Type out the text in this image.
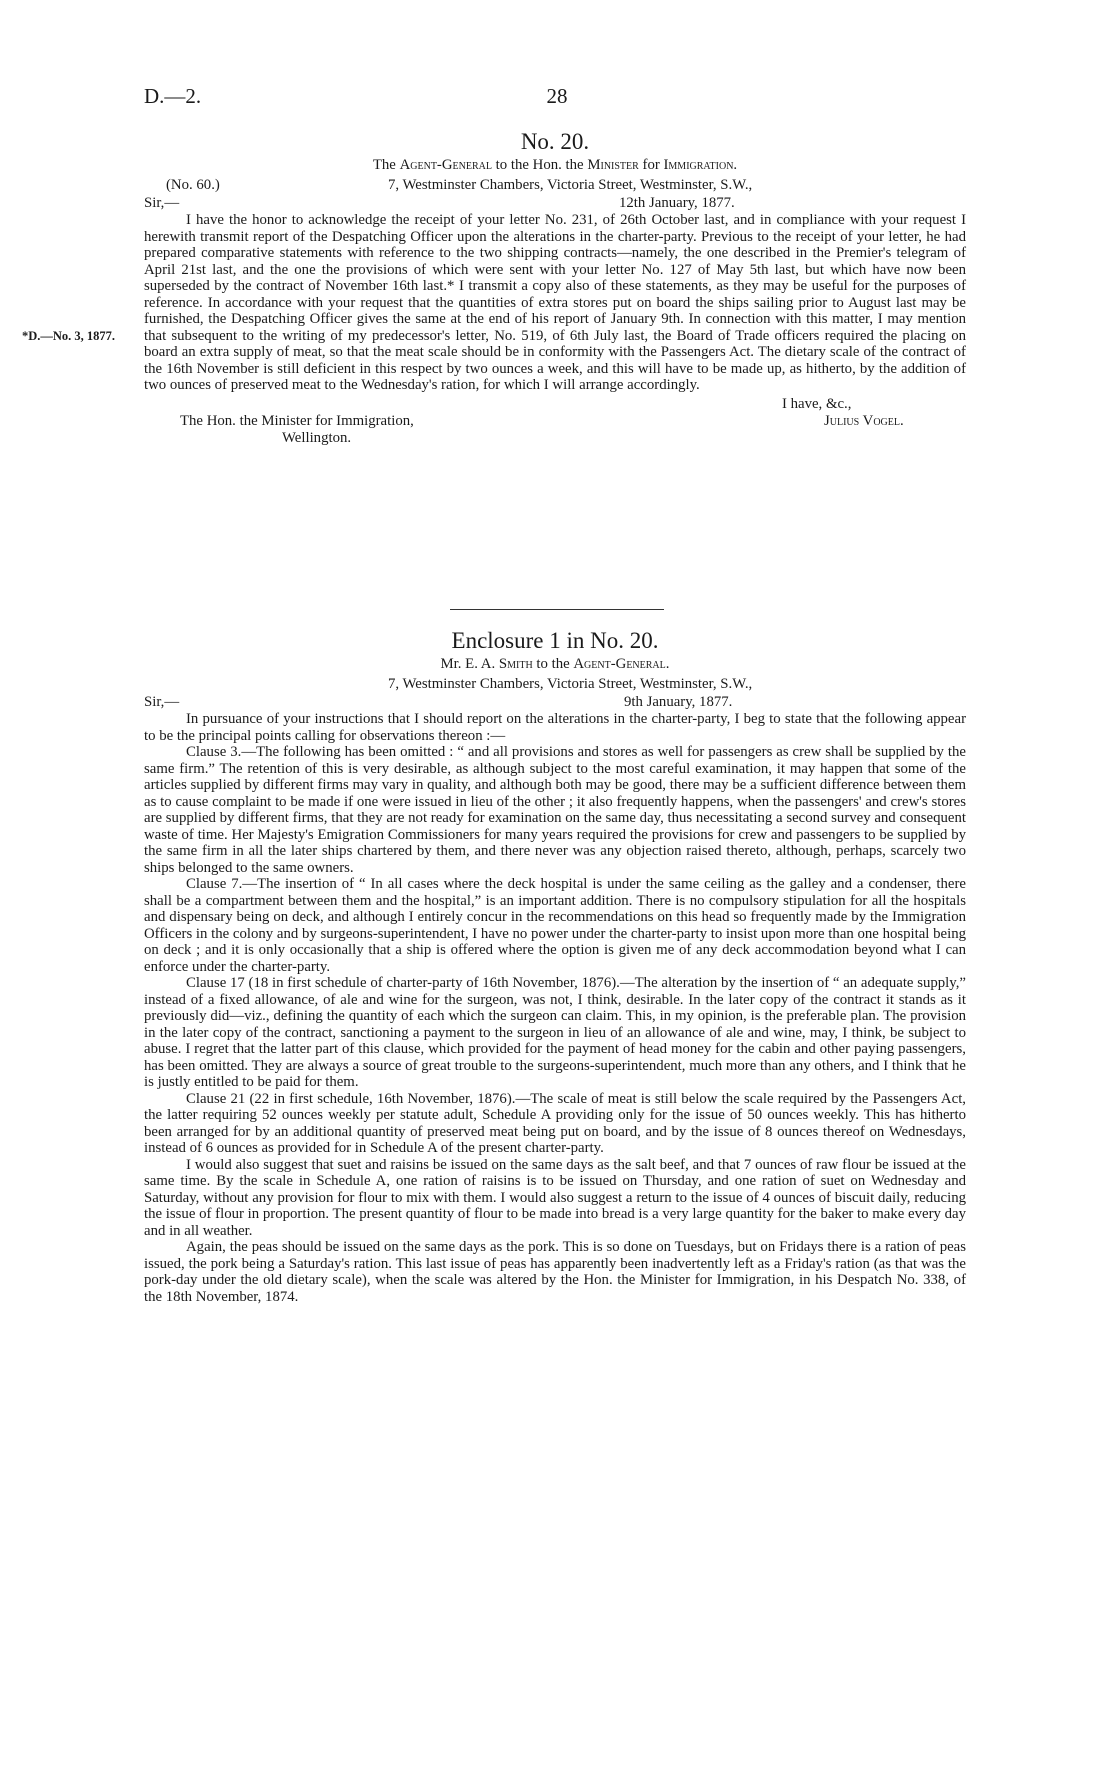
D.—2.	28

No. 20.

The Agent-General to the Hon. the Minister for Immigration.

(No. 60.)	7, Westminster Chambers, Victoria Street, Westminster, S.W.,
Sir,—	12th January, 1877.

I have the honor to acknowledge the receipt of your letter No. 231, of 26th October last, and in compliance with your request I herewith transmit report of the Despatching Officer upon the alterations in the charter-party. Previous to the receipt of your letter, he had prepared comparative statements with reference to the two shipping contracts—namely, the one described in the Premier's telegram of April 21st last, and the one the provisions of which were sent with your letter No. 127 of May 5th last, but which have now been superseded by the contract of November 16th last.* I transmit a copy also of these statements, as they may be useful for the purposes of reference. In accordance with your request that the quantities of extra stores put on board the ships sailing prior to August last may be furnished, the Despatching Officer gives the same at the end of his report of January 9th. In connection with this matter, I may mention that subsequent to the writing of my predecessor's letter, No. 519, of 6th July last, the Board of Trade officers required the placing on board an extra supply of meat, so that the meat scale should be in conformity with the Passengers Act. The dietary scale of the contract of the 16th November is still deficient in this respect by two ounces a week, and this will have to be made up, as hitherto, by the addition of two ounces of preserved meat to the Wednesday's ration, for which I will arrange accordingly.

I have, &c.,
The Hon. the Minister for Immigration,	Julius Vogel.
Wellington.
*D.—No. 3, 1877.

Enclosure 1 in No. 20.

Mr. E. A. Smith to the Agent-General.

7, Westminster Chambers, Victoria Street, Westminster, S.W.,
Sir,—	9th January, 1877.

In pursuance of your instructions that I should report on the alterations in the charter-party, I beg to state that the following appear to be the principal points calling for observations thereon :—

Clause 3.—The following has been omitted : “ and all provisions and stores as well for passengers as crew shall be supplied by the same firm.” The retention of this is very desirable, as although subject to the most careful examination, it may happen that some of the articles supplied by different firms may vary in quality, and although both may be good, there may be a sufficient difference between them as to cause complaint to be made if one were issued in lieu of the other ; it also frequently happens, when the passengers' and crew's stores are supplied by different firms, that they are not ready for examination on the same day, thus necessitating a second survey and consequent waste of time. Her Majesty's Emigration Commissioners for many years required the provisions for crew and passengers to be supplied by the same firm in all the later ships chartered by them, and there never was any objection raised thereto, although, perhaps, scarcely two ships belonged to the same owners.

Clause 7.—The insertion of “ In all cases where the deck hospital is under the same ceiling as the galley and a condenser, there shall be a compartment between them and the hospital,” is an important addition. There is no compulsory stipulation for all the hospitals and dispensary being on deck, and although I entirely concur in the recommendations on this head so frequently made by the Immigration Officers in the colony and by surgeons-superintendent, I have no power under the charter-party to insist upon more than one hospital being on deck ; and it is only occasionally that a ship is offered where the option is given me of any deck accommodation beyond what I can enforce under the charter-party.

Clause 17 (18 in first schedule of charter-party of 16th November, 1876).—The alteration by the insertion of “ an adequate supply,” instead of a fixed allowance, of ale and wine for the surgeon, was not, I think, desirable. In the later copy of the contract it stands as it previously did—viz., defining the quantity of each which the surgeon can claim. This, in my opinion, is the preferable plan. The provision in the later copy of the contract, sanctioning a payment to the surgeon in lieu of an allowance of ale and wine, may, I think, be subject to abuse. I regret that the latter part of this clause, which provided for the payment of head money for the cabin and other paying passengers, has been omitted. They are always a source of great trouble to the surgeons-superintendent, much more than any others, and I think that he is justly entitled to be paid for them.

Clause 21 (22 in first schedule, 16th November, 1876).—The scale of meat is still below the scale required by the Passengers Act, the latter requiring 52 ounces weekly per statute adult, Schedule A providing only for the issue of 50 ounces weekly. This has hitherto been arranged for by an additional quantity of preserved meat being put on board, and by the issue of 8 ounces thereof on Wednesdays, instead of 6 ounces as provided for in Schedule A of the present charter-party.

I would also suggest that suet and raisins be issued on the same days as the salt beef, and that 7 ounces of raw flour be issued at the same time. By the scale in Schedule A, one ration of raisins is to be issued on Thursday, and one ration of suet on Wednesday and Saturday, without any provision for flour to mix with them. I would also suggest a return to the issue of 4 ounces of biscuit daily, reducing the issue of flour in proportion. The present quantity of flour to be made into bread is a very large quantity for the baker to make every day and in all weather.

Again, the peas should be issued on the same days as the pork. This is so done on Tuesdays, but on Fridays there is a ration of peas issued, the pork being a Saturday's ration. This last issue of peas has apparently been inadvertently left as a Friday's ration (as that was the pork-day under the old dietary scale), when the scale was altered by the Hon. the Minister for Immigration, in his Despatch No. 338, of the 18th November, 1874.
